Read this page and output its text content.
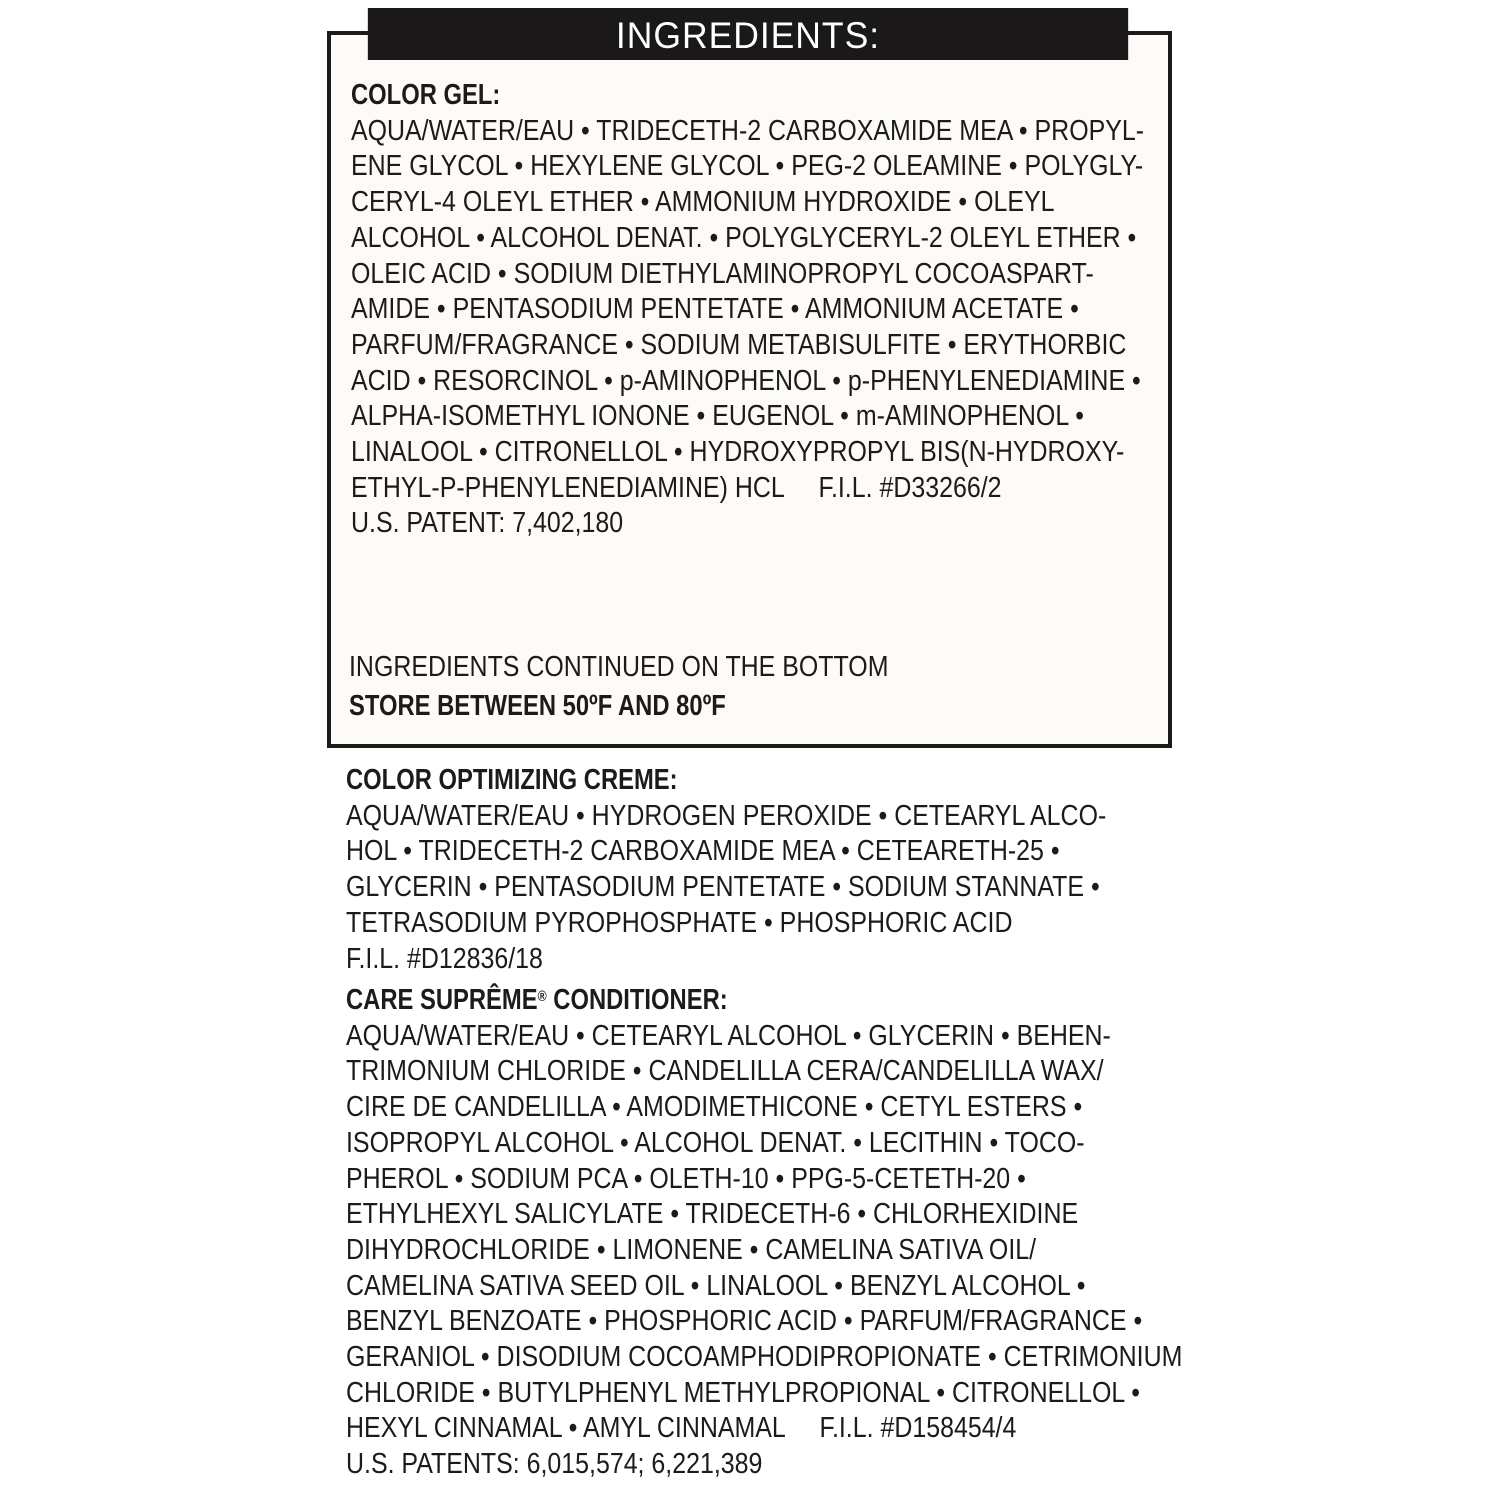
INGREDIENTS:
COLOR GEL:
AQUA/WATER/EAU • TRIDECETH-2 CARBOXAMIDE MEA • PROPYL-
ENE GLYCOL • HEXYLENE GLYCOL • PEG-2 OLEAMINE • POLYGLY-
CERYL-4 OLEYL ETHER • AMMONIUM HYDROXIDE • OLEYL
ALCOHOL • ALCOHOL DENAT. • POLYGLYCERYL-2 OLEYL ETHER •
OLEIC ACID • SODIUM DIETHYLAMINOPROPYL COCOASPART-
AMIDE • PENTASODIUM PENTETATE • AMMONIUM ACETATE •
PARFUM/FRAGRANCE • SODIUM METABISULFITE • ERYTHORBIC
ACID • RESORCINOL • p-AMINOPHENOL • p-PHENYLENEDIAMINE •
ALPHA-ISOMETHYL IONONE • EUGENOL • m-AMINOPHENOL •
LINALOOL • CITRONELLOL • HYDROXYPROPYL BIS(N-HYDROXY-
ETHYL-P-PHENYLENEDIAMINE) HCL     F.I.L. #D33266/2
U.S. PATENT: 7,402,180
INGREDIENTS CONTINUED ON THE BOTTOM
STORE BETWEEN 50ºF AND 80ºF
COLOR OPTIMIZING CREME:
AQUA/WATER/EAU • HYDROGEN PEROXIDE • CETEARYL ALCO-
HOL • TRIDECETH-2 CARBOXAMIDE MEA • CETEARETH-25 •
GLYCERIN • PENTASODIUM PENTETATE • SODIUM STANNATE •
TETRASODIUM PYROPHOSPHATE • PHOSPHORIC ACID
F.I.L. #D12836/18
CARE SUPRÊME® CONDITIONER:
AQUA/WATER/EAU • CETEARYL ALCOHOL • GLYCERIN • BEHEN-
TRIMONIUM CHLORIDE • CANDELILLA CERA/CANDELILLA WAX/
CIRE DE CANDELILLA • AMODIMETHICONE • CETYL ESTERS •
ISOPROPYL ALCOHOL • ALCOHOL DENAT. • LECITHIN • TOCO-
PHEROL • SODIUM PCA • OLETH-10 • PPG-5-CETETH-20 •
ETHYLHEXYL SALICYLATE • TRIDECETH-6 • CHLORHEXIDINE
DIHYDROCHLORIDE • LIMONENE • CAMELINA SATIVA OIL/
CAMELINA SATIVA SEED OIL • LINALOOL • BENZYL ALCOHOL •
BENZYL BENZOATE • PHOSPHORIC ACID • PARFUM/FRAGRANCE •
GERANIOL • DISODIUM COCOAMPHODIPROPIONATE • CETRIMONIUM
CHLORIDE • BUTYLPHENYL METHYLPROPIONAL • CITRONELLOL •
HEXYL CINNAMAL • AMYL CINNAMAL     F.I.L. #D158454/4
U.S. PATENTS: 6,015,574; 6,221,389
